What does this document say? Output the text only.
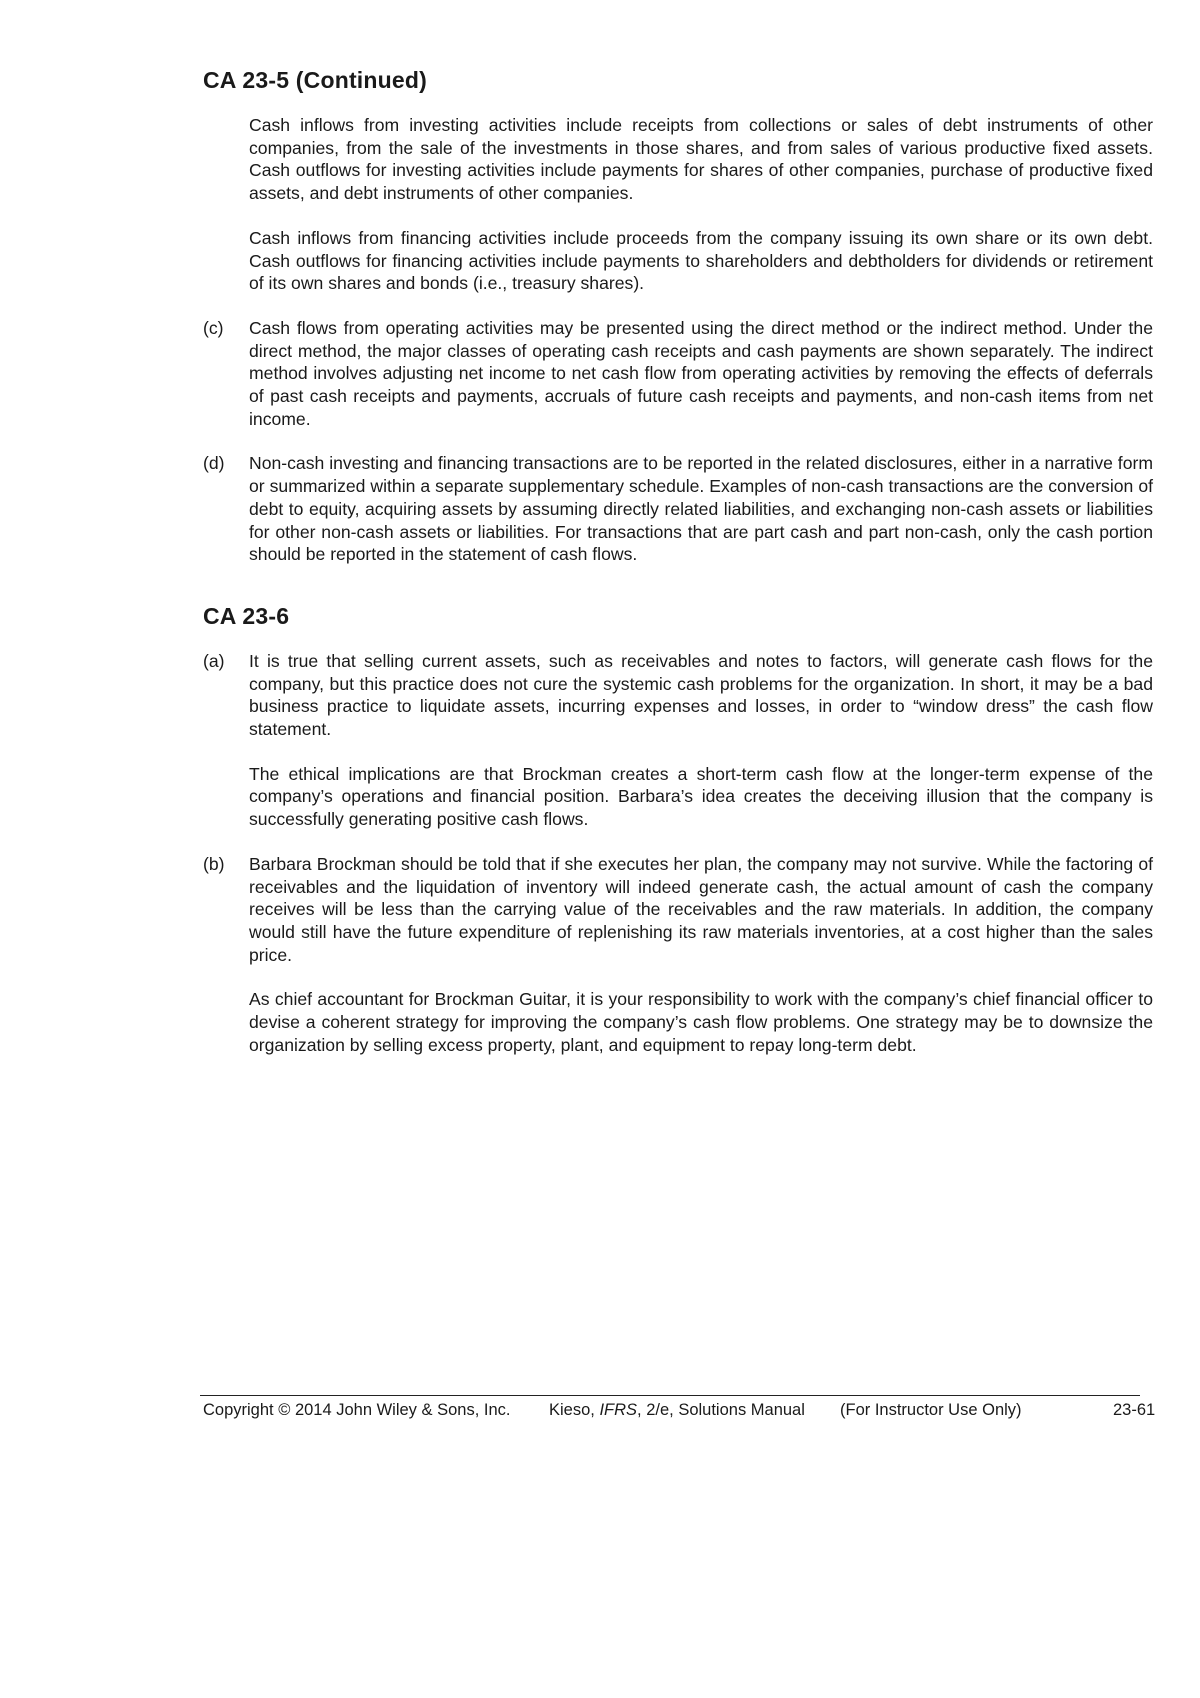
CA 23-5 (Continued)

Cash inflows from investing activities include receipts from collections or sales of debt instruments of other companies, from the sale of the investments in those shares, and from sales of various productive fixed assets. Cash outflows for investing activities include payments for shares of other companies, purchase of productive fixed assets, and debt instruments of other companies.

Cash inflows from financing activities include proceeds from the company issuing its own share or its own debt. Cash outflows for financing activities include payments to shareholders and debtholders for dividends or retirement of its own shares and bonds (i.e., treasury shares).

(c)	Cash flows from operating activities may be presented using the direct method or the indirect method. Under the direct method, the major classes of operating cash receipts and cash payments are shown separately. The indirect method involves adjusting net income to net cash flow from operating activities by removing the effects of deferrals of past cash receipts and payments, accruals of future cash receipts and payments, and non-cash items from net income.
(d)	Non-cash investing and financing transactions are to be reported in the related disclosures, either in a narrative form or summarized within a separate supplementary schedule. Examples of non-cash transactions are the conversion of debt to equity, acquiring assets by assuming directly related liabilities, and exchanging non-cash assets or liabilities for other non-cash assets or liabilities. For transactions that are part cash and part non-cash, only the cash portion should be reported in the statement of cash flows.
CA 23-6
(a)	It is true that selling current assets, such as receivables and notes to factors, will generate cash flows for the company, but this practice does not cure the systemic cash problems for the organization. In short, it may be a bad business practice to liquidate assets, incurring expenses and losses, in order to “window dress” the cash flow statement.

The ethical implications are that Brockman creates a short-term cash flow at the longer-term expense of the company’s operations and financial position. Barbara’s idea creates the deceiving illusion that the company is successfully generating positive cash flows.

(b)	Barbara Brockman should be told that if she executes her plan, the company may not survive. While the factoring of receivables and the liquidation of inventory will indeed generate cash, the actual amount of cash the company receives will be less than the carrying value of the receivables and the raw materials. In addition, the company would still have the future expenditure of replenishing its raw materials inventories, at a cost higher than the sales price.

As chief accountant for Brockman Guitar, it is your responsibility to work with the company’s chief financial officer to devise a coherent strategy for improving the company’s cash flow problems. One strategy may be to downsize the organization by selling excess property, plant, and equipment to repay long-term debt.

Copyright © 2014 John Wiley & Sons, Inc. Kieso, IFRS, 2/e, Solutions Manual (For Instructor Use Only)	23-61
